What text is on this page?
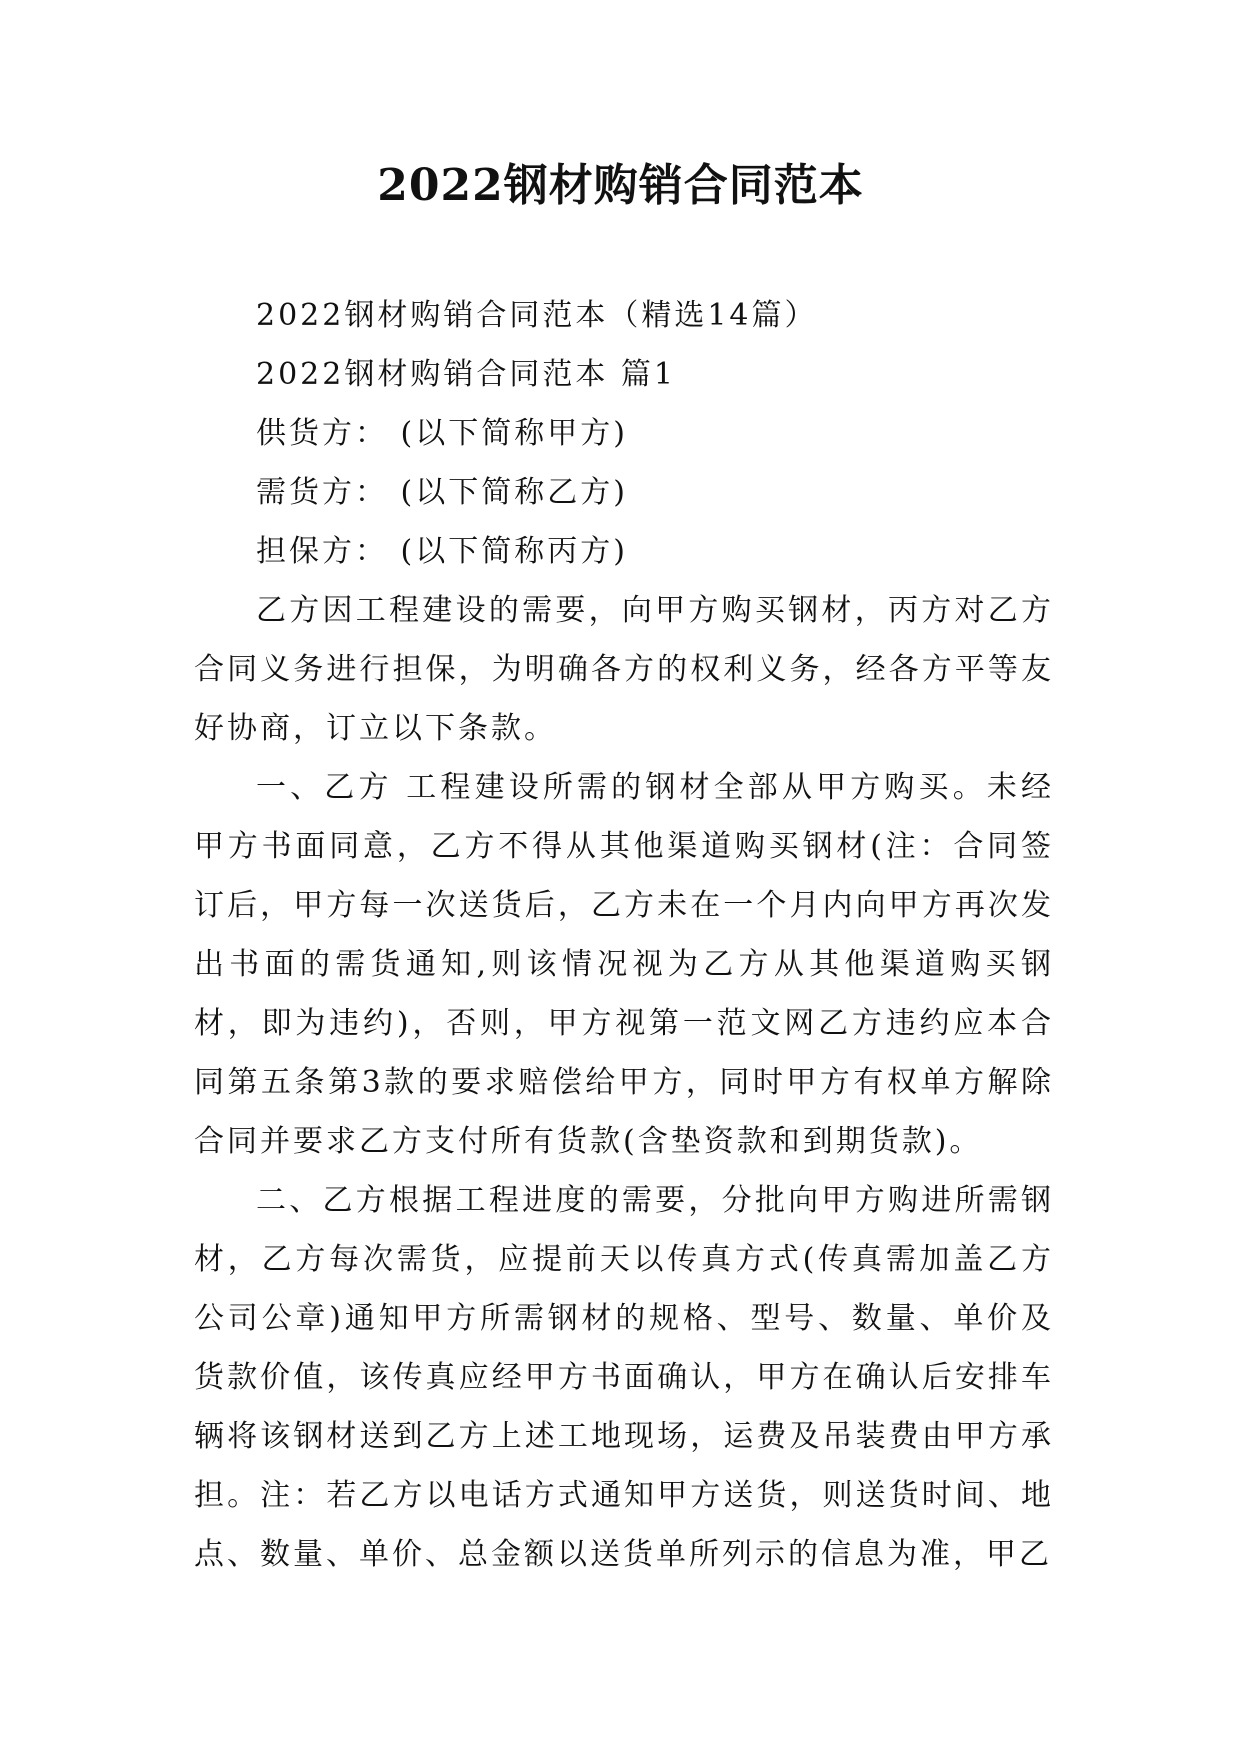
2022钢材购销合同范本
2022钢材购销合同范本（精选14篇）
2022钢材购销合同范本 篇1
供货方： (以下简称甲方)
需货方： (以下简称乙方)
担保方： (以下简称丙方)

乙方因工程建设的需要，向甲方购买钢材，丙方对乙方合同义务进行担保，为明确各方的权利义务，经各方平等友好协商，订立以下条款。

一、乙方 工程建设所需的钢材全部从甲方购买。未经甲方书面同意，乙方不得从其他渠道购买钢材(注：合同签订后，甲方每一次送货后，乙方未在一个月内向甲方再次发出书面的需货通知,则该情况视为乙方从其他渠道购买钢材，即为违约)，否则，甲方视第一范文网乙方违约应本合同第五条第3款的要求赔偿给甲方，同时甲方有权单方解除合同并要求乙方支付所有货款(含垫资款和到期货款)。

二、乙方根据工程进度的需要，分批向甲方购进所需钢材，乙方每次需货，应提前天以传真方式(传真需加盖乙方公司公章)通知甲方所需钢材的规格、型号、数量、单价及货款价值，该传真应经甲方书面确认，甲方在确认后安排车辆将该钢材送到乙方上述工地现场，运费及吊装费由甲方承担。注：若乙方以电话方式通知甲方送货，则送货时间、地点、数量、单价、总金额以送货单所列示的信息为准，甲乙
